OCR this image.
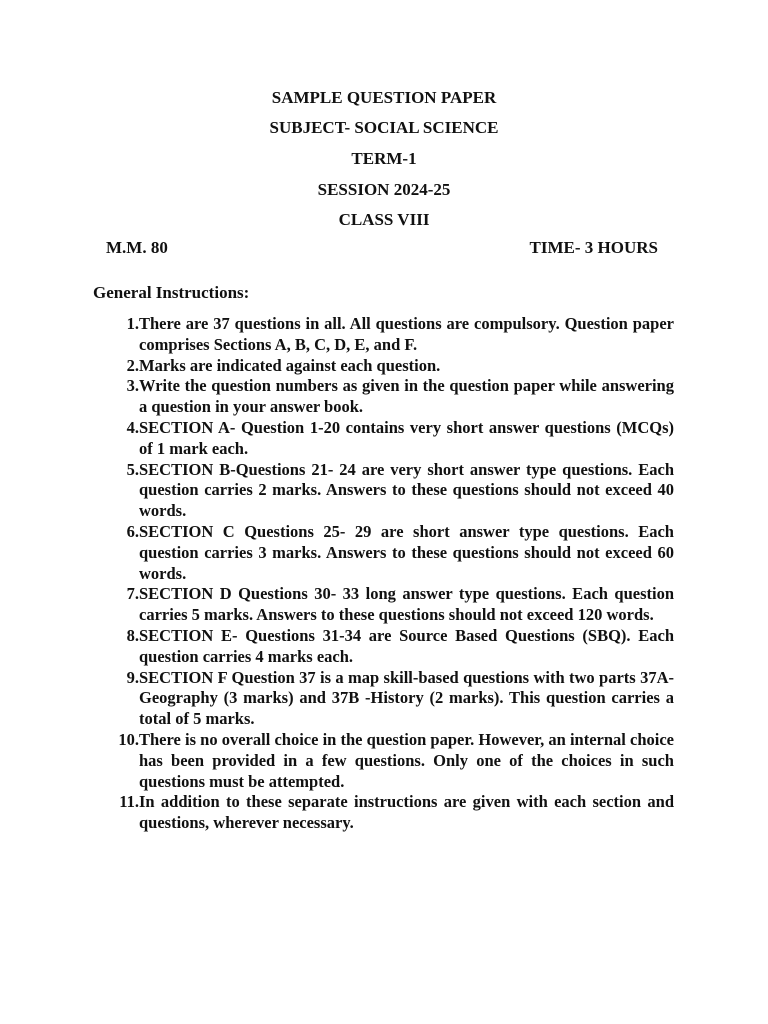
SAMPLE QUESTION PAPER
SUBJECT- SOCIAL SCIENCE
TERM-1
SESSION 2024-25
CLASS VIII
M.M. 80	TIME- 3 HOURS
General Instructions:
1. There are 37 questions in all. All questions are compulsory. Question paper comprises Sections A, B, C, D, E, and F.
2. Marks are indicated against each question.
3. Write the question numbers as given in the question paper while answering a question in your answer book.
4. SECTION A- Question 1-20 contains very short answer questions (MCQs) of 1 mark each.
5. SECTION B-Questions 21- 24 are very short answer type questions. Each question carries 2 marks. Answers to these questions should not exceed 40 words.
6. SECTION C Questions 25- 29 are short answer type questions. Each question carries 3 marks. Answers to these questions should not exceed 60 words.
7. SECTION D Questions 30- 33 long answer type questions. Each question carries 5 marks. Answers to these questions should not exceed 120 words.
8. SECTION E- Questions 31-34 are Source Based Questions (SBQ). Each question carries 4 marks each.
9. SECTION F Question 37 is a map skill-based questions with two parts 37A-Geography (3 marks) and 37B -History (2 marks). This question carries a total of 5 marks.
10. There is no overall choice in the question paper. However, an internal choice has been provided in a few questions. Only one of the choices in such questions must be attempted.
11. In addition to these separate instructions are given with each section and questions, wherever necessary.
